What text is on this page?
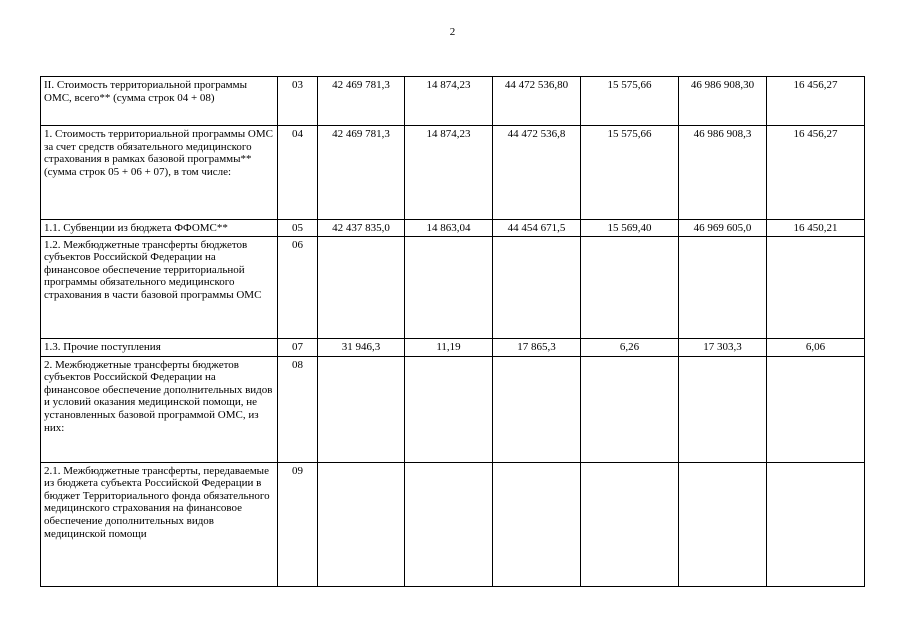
2
II. Стоимость территориальной программы ОМС, всего** (сумма строк 04 + 08)	03	42 469 781,3	14 874,23	44 472 536,80	15 575,66	46 986 908,30	16 456,27
1. Стоимость территориальной программы ОМС за счет средств обязательного медицинского страхования в рамках базовой программы** (сумма строк 05 + 06 + 07), в том числе:	04	42 469 781,3	14 874,23	44 472 536,8	15 575,66	46 986 908,3	16 456,27
1.1. Субвенции из бюджета ФФОМС**	05	42 437 835,0	14 863,04	44 454 671,5	15 569,40	46 969 605,0	16 450,21
1.2. Межбюджетные трансферты бюджетов субъектов Российской Федерации на финансовое обеспечение территориальной программы обязательного медицинского страхования в части базовой программы ОМС	06						
1.3. Прочие поступления	07	31 946,3	11,19	17 865,3	6,26	17 303,3	6,06
2. Межбюджетные трансферты бюджетов субъектов Российской Федерации на финансовое обеспечение дополнительных видов и условий оказания медицинской помощи, не установленных базовой программой ОМС, из них:	08						
2.1. Межбюджетные трансферты, передаваемые из бюджета субъекта Российской Федерации в бюджет Территориального фонда обязательного медицинского страхования на финансовое обеспечение дополнительных видов медицинской помощи	09						
